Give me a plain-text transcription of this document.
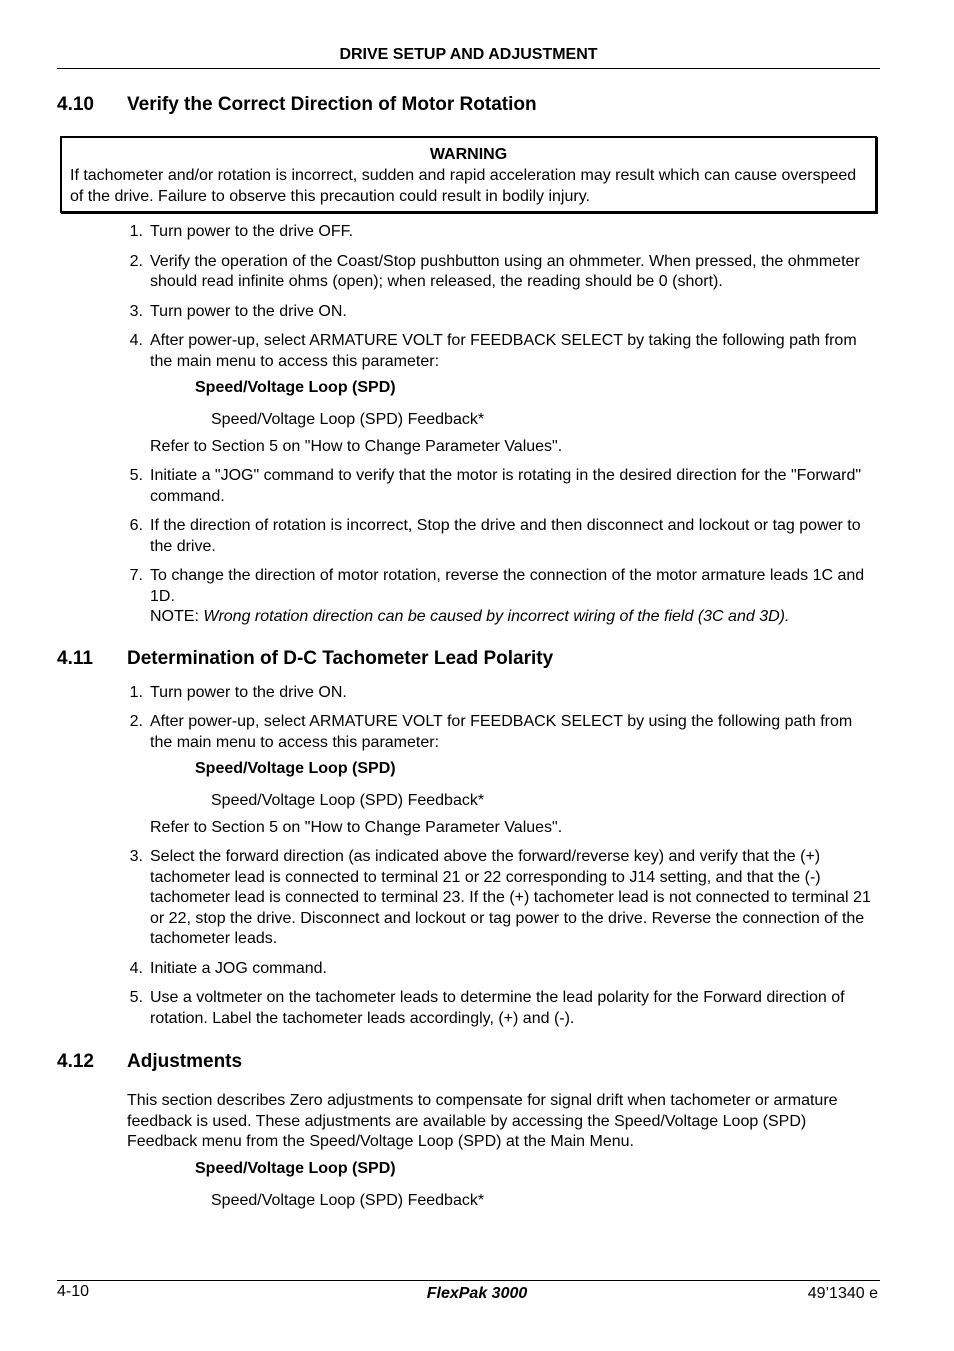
DRIVE SETUP AND ADJUSTMENT
4.10	Verify the Correct Direction of Motor Rotation
WARNING
If tachometer and/or rotation is incorrect, sudden and rapid acceleration may result which can cause overspeed of the drive. Failure to observe this precaution could result in bodily injury.
1. Turn power to the drive OFF.
2. Verify the operation of the Coast/Stop pushbutton using an ohmmeter. When pressed, the ohmmeter should read infinite ohms (open); when released, the reading should be 0 (short).
3. Turn power to the drive ON.
4. After power-up, select ARMATURE VOLT for FEEDBACK SELECT by taking the following path from the main menu to access this parameter:
Speed/Voltage Loop (SPD)
Speed/Voltage Loop (SPD) Feedback*
Refer to Section 5 on "How to Change Parameter Values".
5. Initiate a "JOG" command to verify that the motor is rotating in the desired direction for the "Forward" command.
6. If the direction of rotation is incorrect, Stop the drive and then disconnect and lockout or tag power to the drive.
7. To change the direction of motor rotation, reverse the connection of the motor armature leads 1C and 1D.
NOTE: Wrong rotation direction can be caused by incorrect wiring of the field (3C and 3D).
4.11	Determination of D-C Tachometer Lead Polarity
1. Turn power to the drive ON.
2. After power-up, select ARMATURE VOLT for FEEDBACK SELECT by using the following path from the main menu to access this parameter:
Speed/Voltage Loop (SPD)
Speed/Voltage Loop (SPD) Feedback*
Refer to Section 5 on "How to Change Parameter Values".
3. Select the forward direction (as indicated above the forward/reverse key) and verify that the (+) tachometer lead is connected to terminal 21 or 22 corresponding to J14 setting, and that the (-) tachometer lead is connected to terminal 23. If the (+) tachometer lead is not connected to terminal 21 or 22, stop the drive. Disconnect and lockout or tag power to the drive. Reverse the connection of the tachometer leads.
4. Initiate a JOG command.
5. Use a voltmeter on the tachometer leads to determine the lead polarity for the Forward direction of rotation. Label the tachometer leads accordingly, (+) and (-).
4.12	Adjustments
This section describes Zero adjustments to compensate for signal drift when tachometer or armature feedback is used. These adjustments are available by accessing the Speed/Voltage Loop (SPD) Feedback menu from the Speed/Voltage Loop (SPD) at the Main Menu.
Speed/Voltage Loop (SPD)
Speed/Voltage Loop (SPD) Feedback*
4-10	FlexPak 3000	49’1340 e
